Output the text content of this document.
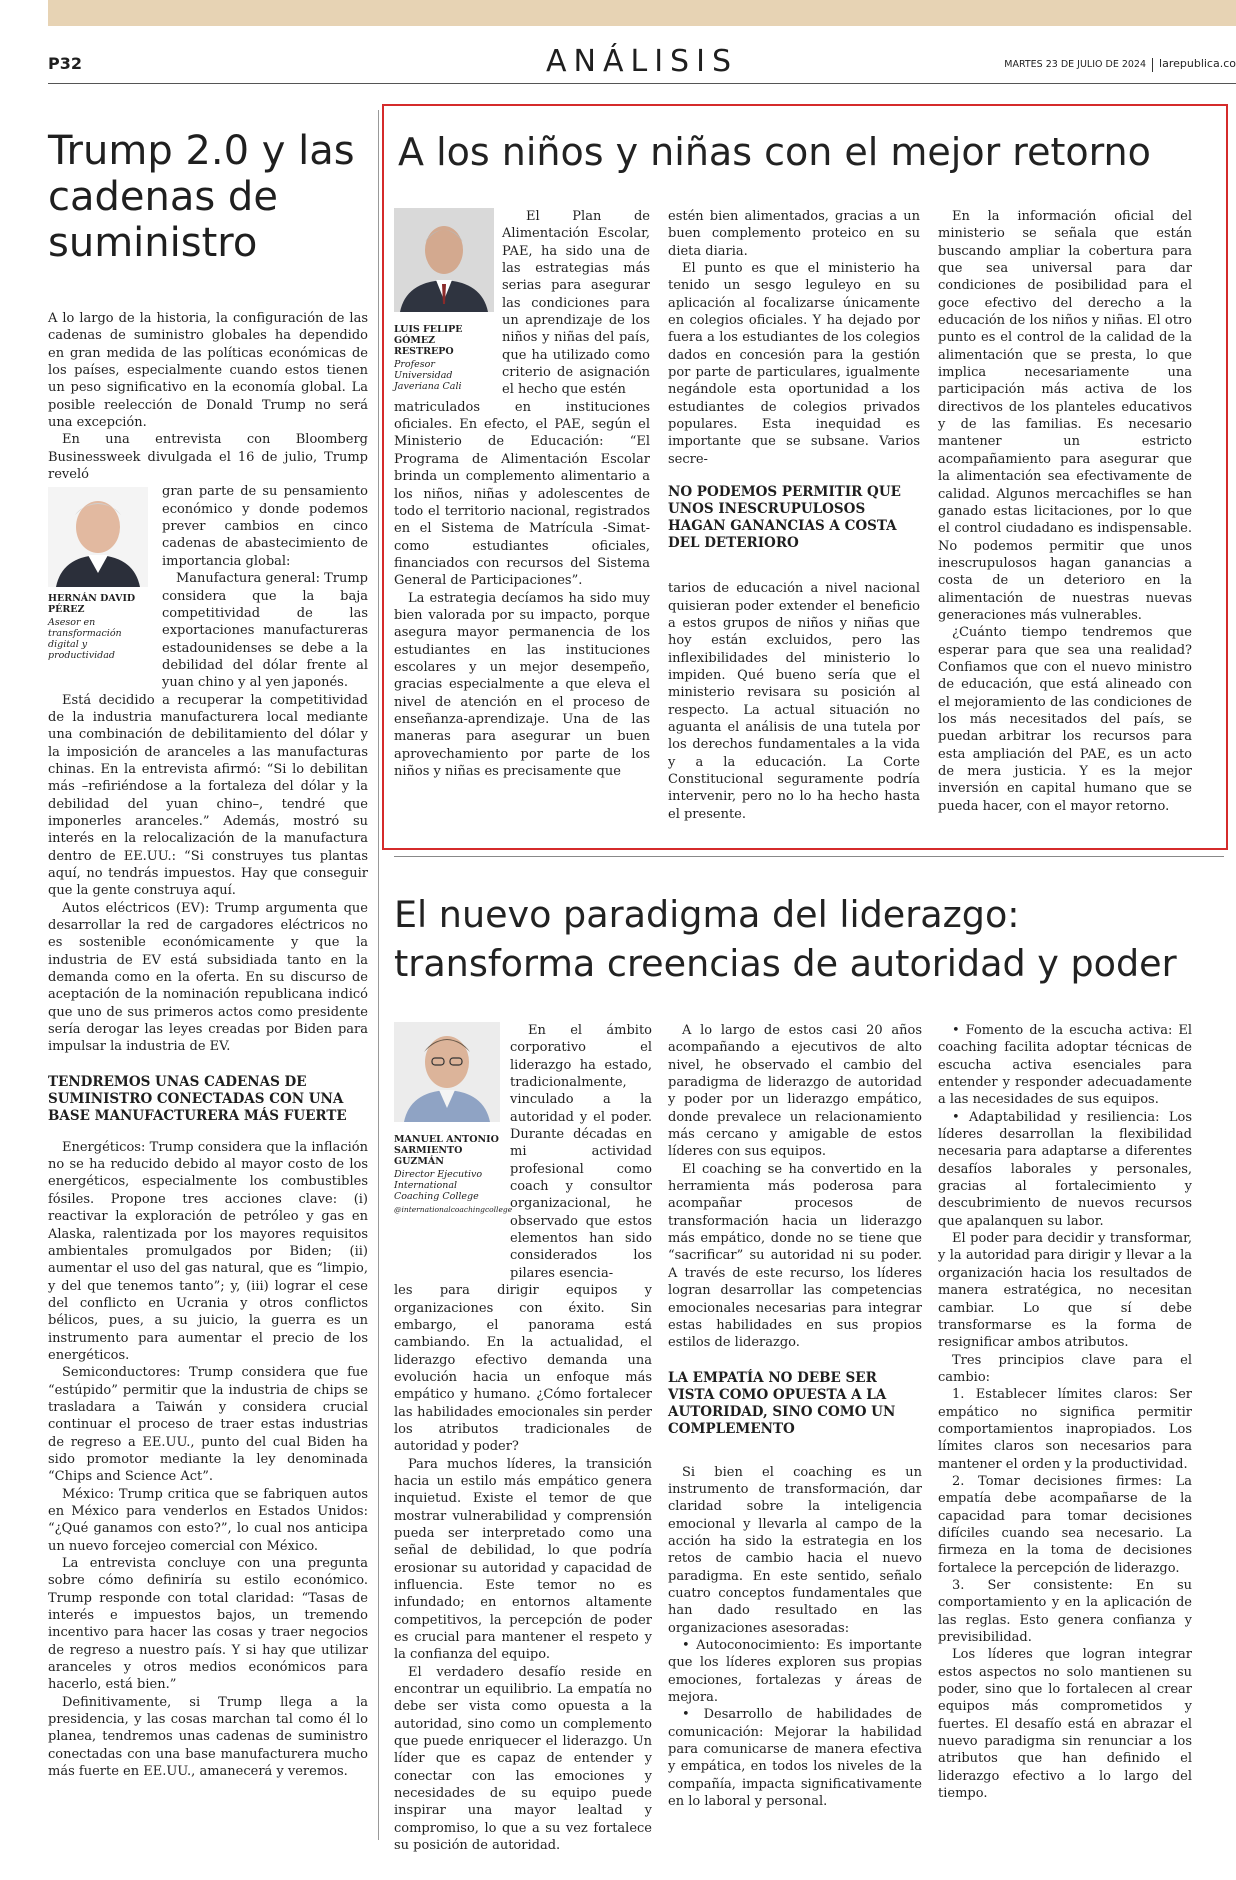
P32	ANÁLISIS	MARTES 23 DE JULIO DE 2024 larepublica.co
Trump 2.0 y las cadenas de suministro

A lo largo de la historia, la configuración de las cadenas de suministro globales ha dependido en gran medida de las políticas económicas de los países, especialmente cuando estos tienen un peso significativo en la economía global. La posible reelección de Donald Trump no será una excepción.

En una entrevista con Bloomberg Businessweek divulgada el 16 de julio, Trump reveló

HERNÁN DAVID PÉREZ
Asesor en transformación digital y productividad

gran parte de su pensamiento económico y donde podemos prever cambios en cinco cadenas de abastecimiento de importancia global:

Manufactura general: Trump considera que la baja competitividad de las exportaciones manufactureras estadounidenses se debe a la debilidad del dólar frente al yuan chino y al yen japonés.

Está decidido a recuperar la competitividad de la industria manufacturera local mediante una combinación de debilitamiento del dólar y la imposición de aranceles a las manufacturas chinas. En la entrevista afirmó: “Si lo debilitan más –refiriéndose a la fortaleza del dólar y la debilidad del yuan chino–, tendré que imponerles aranceles.” Además, mostró su interés en la relocalización de la manufactura dentro de EE.UU.: “Si construyes tus plantas aquí, no tendrás impuestos. Hay que conseguir que la gente construya aquí.

Autos eléctricos (EV): Trump argumenta que desarrollar la red de cargadores eléctricos no es sostenible económicamente y que la industria de EV está subsidiada tanto en la demanda como en la oferta. En su discurso de aceptación de la nominación republicana indicó que uno de sus primeros actos como presidente sería derogar las leyes creadas por Biden para impulsar la industria de EV.

TENDREMOS UNAS CADENAS DE SUMINISTRO CONECTADAS CON UNA BASE MANUFACTURERA MÁS FUERTE

Energéticos: Trump considera que la inflación no se ha reducido debido al mayor costo de los energéticos, especialmente los combustibles fósiles. Propone tres acciones clave: (i) reactivar la exploración de petróleo y gas en Alaska, ralentizada por los mayores requisitos ambientales promulgados por Biden; (ii) aumentar el uso del gas natural, que es “limpio, y del que tenemos tanto”; y, (iii) lograr el cese del conflicto en Ucrania y otros conflictos bélicos, pues, a su juicio, la guerra es un instrumento para aumentar el precio de los energéticos.

Semiconductores: Trump considera que fue “estúpido” permitir que la industria de chips se trasladara a Taiwán y considera crucial continuar el proceso de traer estas industrias de regreso a EE.UU., punto del cual Biden ha sido promotor mediante la ley denominada “Chips and Science Act”.

México: Trump critica que se fabriquen autos en México para venderlos en Estados Unidos: “¿Qué ganamos con esto?”, lo cual nos anticipa un nuevo forcejeo comercial con México.

La entrevista concluye con una pregunta sobre cómo definiría su estilo económico. Trump responde con total claridad: “Tasas de interés e impuestos bajos, un tremendo incentivo para hacer las cosas y traer negocios de regreso a nuestro país. Y si hay que utilizar aranceles y otros medios económicos para hacerlo, está bien.”

Definitivamente, si Trump llega a la presidencia, y las cosas marchan tal como él lo planea, tendremos unas cadenas de suministro conectadas con una base manufacturera mucho más fuerte en EE.UU., amanecerá y veremos.

A los niños y niñas con el mejor retorno
LUIS FELIPE GÓMEZ RESTREPO
Profesor Universidad Javeriana Cali

El Plan de Alimentación Escolar, PAE, ha sido una de las estrategias más serias para asegurar las condiciones para un aprendizaje de los niños y niñas del país, que ha utilizado como criterio de asignación el hecho que estén

matriculados en instituciones oficiales. En efecto, el PAE, según el Ministerio de Educación: “El Programa de Alimentación Escolar brinda un complemento alimentario a los niños, niñas y adolescentes de todo el territorio nacional, registrados en el Sistema de Matrícula -Simat- como estudiantes oficiales, financiados con recursos del Sistema General de Participaciones”.

La estrategia decíamos ha sido muy bien valorada por su impacto, porque asegura mayor permanencia de los estudiantes en las instituciones escolares y un mejor desempeño, gracias especialmente a que eleva el nivel de atención en el proceso de enseñanza-aprendizaje. Una de las maneras para asegurar un buen aprovechamiento por parte de los niños y niñas es precisamente que

estén bien alimentados, gracias a un buen complemento proteico en su dieta diaria.

El punto es que el ministerio ha tenido un sesgo leguleyo en su aplicación al focalizarse únicamente en colegios oficiales. Y ha dejado por fuera a los estudiantes de los colegios dados en concesión para la gestión por parte de particulares, igualmente negándole esta oportunidad a los estudiantes de colegios privados populares. Esta inequidad es importante que se subsane. Varios secre-

NO PODEMOS PERMITIR QUE UNOS INESCRUPULOSOS HAGAN GANANCIAS A COSTA DEL DETERIORO

tarios de educación a nivel nacional quisieran poder extender el beneficio a estos grupos de niños y niñas que hoy están excluidos, pero las inflexibilidades del ministerio lo impiden. Qué bueno sería que el ministerio revisara su posición al respecto. La actual situación no aguanta el análisis de una tutela por los derechos fundamentales a la vida y a la educación. La Corte Constitucional seguramente podría intervenir, pero no lo ha hecho hasta el presente.

En la información oficial del ministerio se señala que están buscando ampliar la cobertura para que sea universal para dar condiciones de posibilidad para el goce efectivo del derecho a la educación de los niños y niñas. El otro punto es el control de la calidad de la alimentación que se presta, lo que implica necesariamente una participación más activa de los directivos de los planteles educativos y de las familias. Es necesario mantener un estricto acompañamiento para asegurar que la alimentación sea efectivamente de calidad. Algunos mercachifles se han ganado estas licitaciones, por lo que el control ciudadano es indispensable. No podemos permitir que unos inescrupulosos hagan ganancias a costa de un deterioro en la alimentación de nuestras nuevas generaciones más vulnerables.

¿Cuánto tiempo tendremos que esperar para que sea una realidad? Confiamos que con el nuevo ministro de educación, que está alineado con el mejoramiento de las condiciones de los más necesitados del país, se puedan arbitrar los recursos para esta ampliación del PAE, es un acto de mera justicia. Y es la mejor inversión en capital humano que se pueda hacer, con el mayor retorno.

El nuevo paradigma del liderazgo:
transforma creencias de autoridad y poder
MANUEL ANTONIO SARMIENTO GUZMÁN
Director Ejecutivo International Coaching College
@internationalcoachingcollege

En el ámbito corporativo el liderazgo ha estado, tradicionalmente, vinculado a la autoridad y el poder. Durante décadas en mi actividad profesional como coach y consultor organizacional, he observado que estos elementos han sido considerados los pilares esencia-

les para dirigir equipos y organizaciones con éxito. Sin embargo, el panorama está cambiando. En la actualidad, el liderazgo efectivo demanda una evolución hacia un enfoque más empático y humano. ¿Cómo fortalecer las habilidades emocionales sin perder los atributos tradicionales de autoridad y poder?

Para muchos líderes, la transición hacia un estilo más empático genera inquietud. Existe el temor de que mostrar vulnerabilidad y comprensión pueda ser interpretado como una señal de debilidad, lo que podría erosionar su autoridad y capacidad de influencia. Este temor no es infundado; en entornos altamente competitivos, la percepción de poder es crucial para mantener el respeto y la confianza del equipo.

El verdadero desafío reside en encontrar un equilibrio. La empatía no debe ser vista como opuesta a la autoridad, sino como un complemento que puede enriquecer el liderazgo. Un líder que es capaz de entender y conectar con las emociones y necesidades de su equipo puede inspirar una mayor lealtad y compromiso, lo que a su vez fortalece su posición de autoridad.

A lo largo de estos casi 20 años acompañando a ejecutivos de alto nivel, he observado el cambio del paradigma de liderazgo de autoridad y poder por un liderazgo empático, donde prevalece un relacionamiento más cercano y amigable de estos líderes con sus equipos.

El coaching se ha convertido en la herramienta más poderosa para acompañar procesos de transformación hacia un liderazgo más empático, donde no se tiene que “sacrificar” su autoridad ni su poder. A través de este recurso, los líderes logran desarrollar las competencias emocionales necesarias para integrar estas habilidades en sus propios estilos de liderazgo.

LA EMPATÍA NO DEBE SER VISTA COMO OPUESTA A LA AUTORIDAD, SINO COMO UN COMPLEMENTO

Si bien el coaching es un instrumento de transformación, dar claridad sobre la inteligencia emocional y llevarla al campo de la acción ha sido la estrategia en los retos de cambio hacia el nuevo paradigma. En este sentido, señalo cuatro conceptos fundamentales que han dado resultado en las organizaciones asesoradas:

• Autoconocimiento: Es importante que los líderes exploren sus propias emociones, fortalezas y áreas de mejora.

• Desarrollo de habilidades de comunicación: Mejorar la habilidad para comunicarse de manera efectiva y empática, en todos los niveles de la compañía, impacta significativamente en lo laboral y personal.

• Fomento de la escucha activa: El coaching facilita adoptar técnicas de escucha activa esenciales para entender y responder adecuadamente a las necesidades de sus equipos.

• Adaptabilidad y resiliencia: Los líderes desarrollan la flexibilidad necesaria para adaptarse a diferentes desafíos laborales y personales, gracias al fortalecimiento y descubrimiento de nuevos recursos que apalanquen su labor.

El poder para decidir y transformar, y la autoridad para dirigir y llevar a la organización hacia los resultados de manera estratégica, no necesitan cambiar. Lo que sí debe transformarse es la forma de resignificar ambos atributos.

Tres principios clave para el cambio:

1. Establecer límites claros: Ser empático no significa permitir comportamientos inapropiados. Los límites claros son necesarios para mantener el orden y la productividad.

2. Tomar decisiones firmes: La empatía debe acompañarse de la capacidad para tomar decisiones difíciles cuando sea necesario. La firmeza en la toma de decisiones fortalece la percepción de liderazgo.

3. Ser consistente: En su comportamiento y en la aplicación de las reglas. Esto genera confianza y previsibilidad.

Los líderes que logran integrar estos aspectos no solo mantienen su poder, sino que lo fortalecen al crear equipos más comprometidos y fuertes. El desafío está en abrazar el nuevo paradigma sin renunciar a los atributos que han definido el liderazgo efectivo a lo largo del tiempo.
